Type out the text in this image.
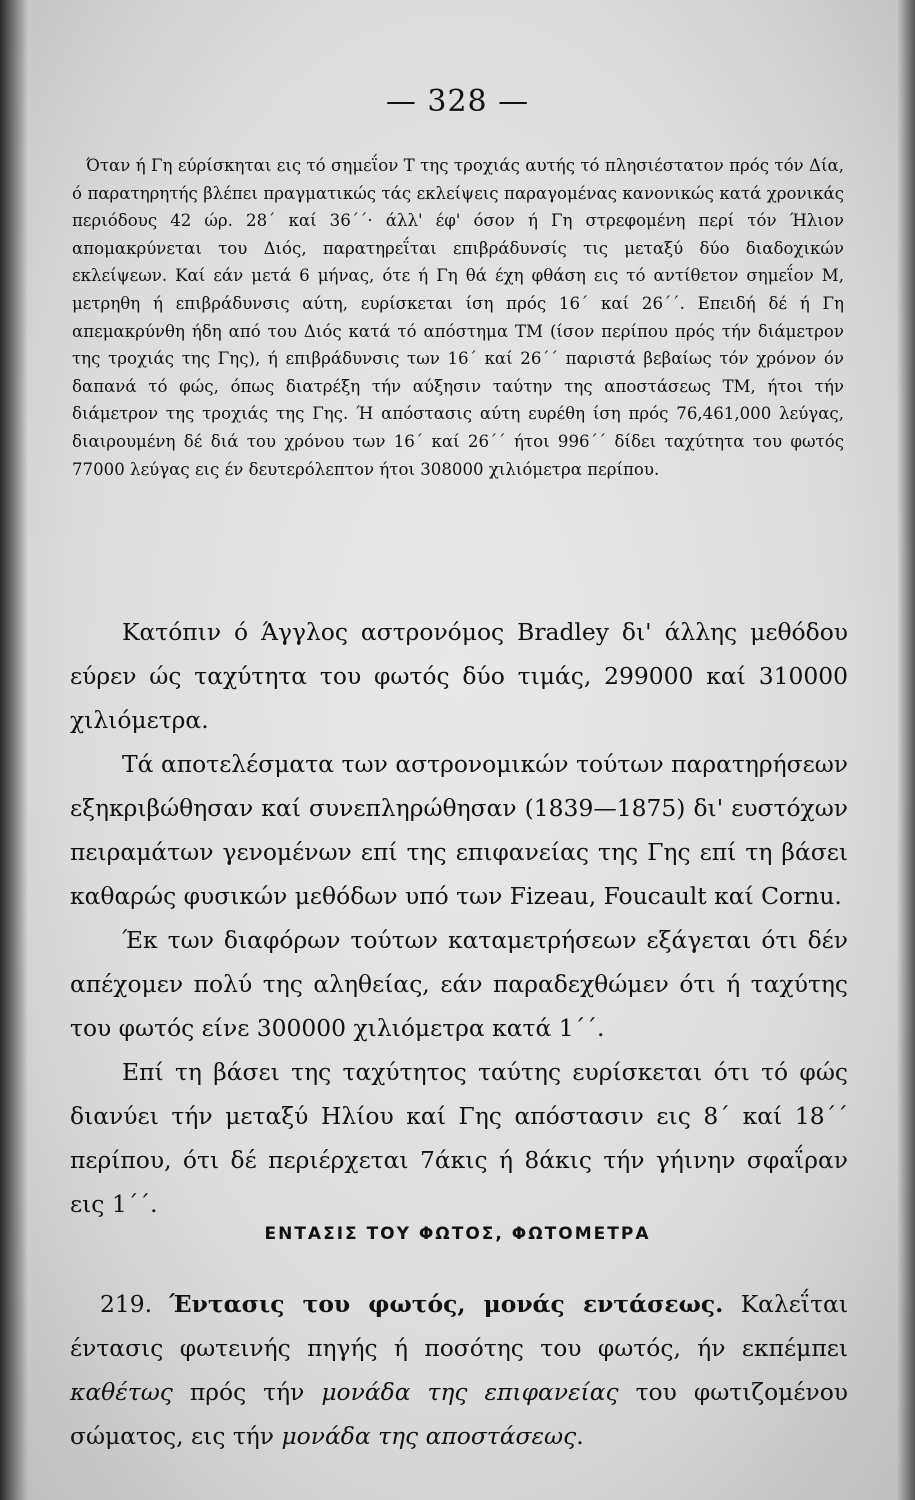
— 328 —

Όταν ή Γη εύρίσκηται εις τό σημεΐον Τ της τροχιάς αυτής τό πλησιέστατον πρός τόν Δία, ό παρατηρητής βλέπει πραγματικώς τάς εκλείψεις παραγομένας κανονικώς κατά χρονικάς περιόδους 42 ώρ. 28΄ καί 36΄΄· άλλ' έφ' όσον ή Γη στρεφομένη περί τόν Ήλιον απομακρύνεται του Διός, παρατηρεΐται επιβράδυνσίς τις μεταξύ δύο διαδοχικών εκλείψεων. Καί εάν μετά 6 μήνας, ότε ή Γη θά έχη φθάση εις τό αντίθετον σημεΐον Μ, μετρηθη ή επιβράδυνσις αύτη, ευρίσκεται ίση πρός 16΄ καί 26΄΄. Επειδή δέ ή Γη απεμακρύνθη ήδη από του Διός κατά τό απόστημα ΤΜ (ίσον περίπου πρός τήν διάμετρον της τροχιάς της Γης), ή επιβράδυνσις των 16΄ καί 26΄΄ παριστά βεβαίως τόν χρόνον όν δαπανά τό φώς, όπως διατρέξη τήν αύξησιν ταύτην της αποστάσεως ΤΜ, ήτοι τήν διάμετρον της τροχιάς της Γης. Ή απόστασις αύτη ευρέθη ίση πρός 76,461,000 λεύγας, διαιρουμένη δέ διά του χρόνου των 16΄ καί 26΄΄ ήτοι 996΄΄ δίδει ταχύτητα του φωτός 77000 λεύγας εις έν δευτερόλεπτον ήτοι 308000 χιλιόμετρα περίπου.

Κατόπιν ό Άγγλος αστρονόμος Bradley δι' άλλης μεθόδου εύρεν ώς ταχύτητα του φωτός δύο τιμάς, 299000 καί 310000 χιλιόμετρα.

Τά αποτελέσματα των αστρονομικών τούτων παρατηρήσεων εξηκριβώθησαν καί συνεπληρώθησαν (1839—1875) δι' ευστόχων πειραμάτων γενομένων επί της επιφανείας της Γης επί τη βάσει καθαρώς φυσικών μεθόδων υπό των Fizeau, Foucault καί Cornu.

Έκ των διαφόρων τούτων καταμετρήσεων εξάγεται ότι δέν απέχομεν πολύ της αληθείας, εάν παραδεχθώμεν ότι ή ταχύτης του φωτός είνε 300000 χιλιόμετρα κατά 1΄΄.

Επί τη βάσει της ταχύτητος ταύτης ευρίσκεται ότι τό φώς διανύει τήν μεταξύ Ηλίου καί Γης απόστασιν εις 8΄ καί 18΄΄ περίπου, ότι δέ περιέρχεται 7άκις ή 8άκις τήν γήινην σφαΐραν εις 1΄΄.

ΕΝΤΑΣΙΣ ΤΟΥ ΦΩΤΟΣ, ΦΩΤΟΜΕΤΡΑ

219. Έντασις του φωτός, μονάς εντάσεως. Καλεΐται έντασις φωτεινής πηγής ή ποσότης του φωτός, ήν εκπέμπει καθέτως πρός τήν μονάδα της επιφανείας του φωτιζομένου σώματος, εις τήν μονάδα της αποστάσεως.
